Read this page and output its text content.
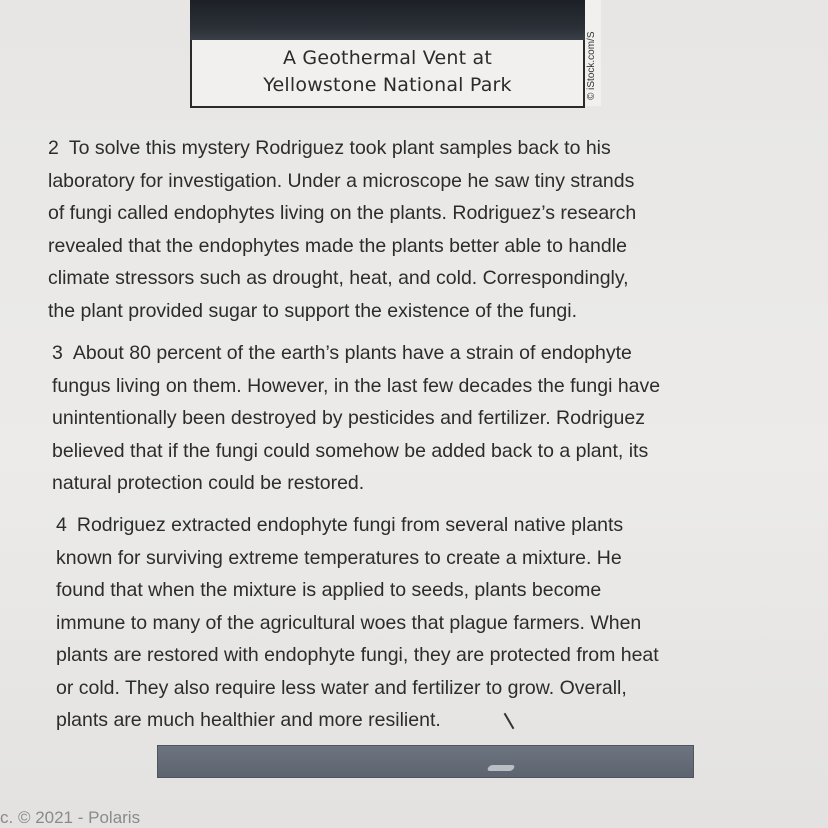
A Geothermal Vent at
Yellowstone National Park	© iStock.com/S
2 To solve this mystery Rodriguez took plant samples back to his
laboratory for investigation. Under a microscope he saw tiny strands
of fungi called endophytes living on the plants. Rodriguez’s research
revealed that the endophytes made the plants better able to handle
climate stressors such as drought, heat, and cold. Correspondingly,
the plant provided sugar to support the existence of the fungi.
3 About 80 percent of the earth’s plants have a strain of endophyte
fungus living on them. However, in the last few decades the fungi have
unintentionally been destroyed by pesticides and fertilizer. Rodriguez
believed that if the fungi could somehow be added back to a plant, its
natural protection could be restored.
4 Rodriguez extracted endophyte fungi from several native plants
known for surviving extreme temperatures to create a mixture. He
found that when the mixture is applied to seeds, plants become
immune to many of the agricultural woes that plague farmers. When
plants are restored with endophyte fungi, they are protected from heat
or cold. They also require less water and fertilizer to grow. Overall,
plants are much healthier and more resilient.
c. © 2021 - Polaris
